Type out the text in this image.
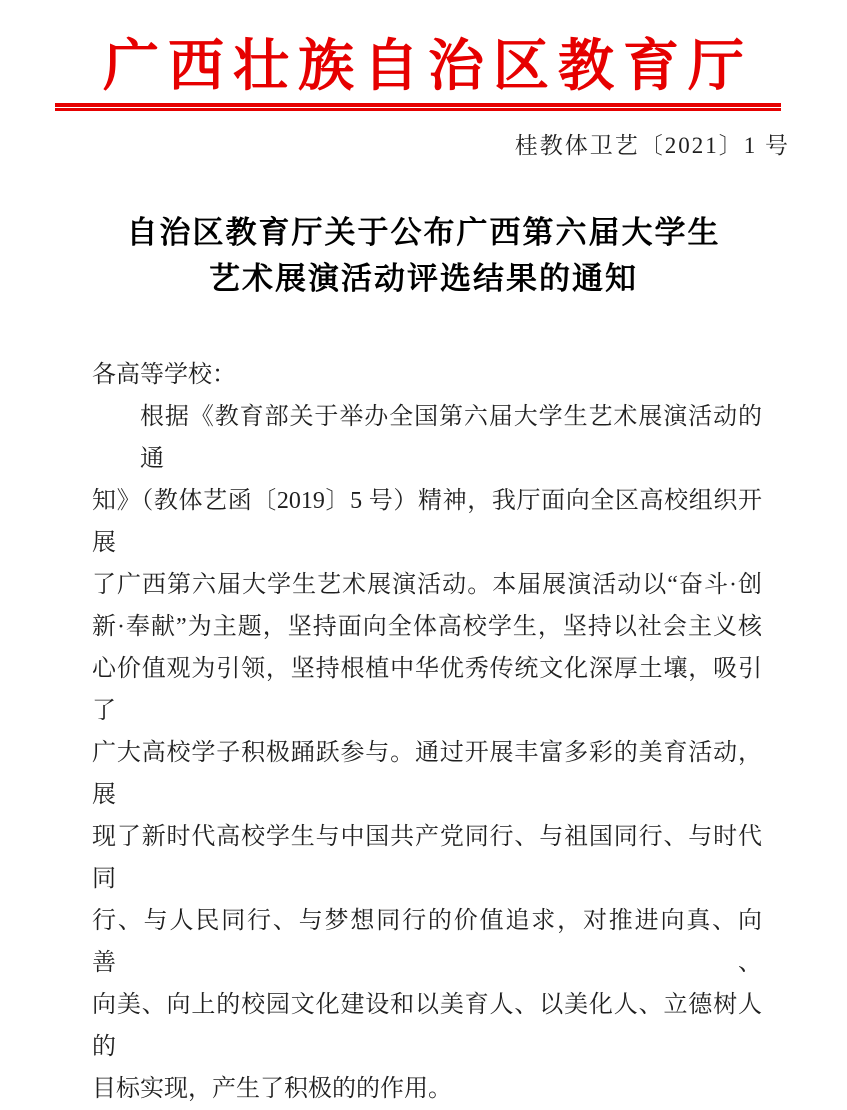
广西壮族自治区教育厅
桂教体卫艺〔2021〕1 号
自治区教育厅关于公布广西第六届大学生
艺术展演活动评选结果的通知
各高等学校：
根据《教育部关于举办全国第六届大学生艺术展演活动的通
知》（教体艺函〔2019〕5 号）精神，我厅面向全区高校组织开展
了广西第六届大学生艺术展演活动。本届展演活动以“奋斗·创
新·奉献”为主题，坚持面向全体高校学生，坚持以社会主义核
心价值观为引领，坚持根植中华优秀传统文化深厚土壤，吸引了
广大高校学子积极踊跃参与。通过开展丰富多彩的美育活动，展
现了新时代高校学生与中国共产党同行、与祖国同行、与时代同
行、与人民同行、与梦想同行的价值追求，对推进向真、向善、
向美、向上的校园文化建设和以美育人、以美化人、立德树人的
目标实现，产生了积极的的作用。
